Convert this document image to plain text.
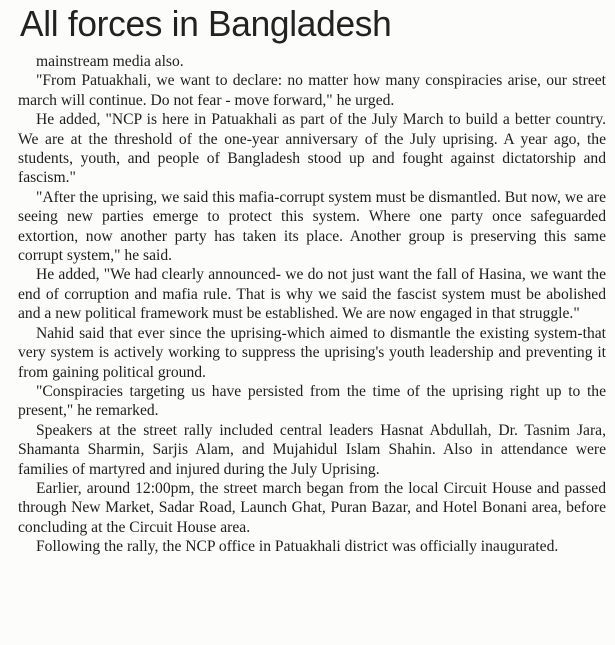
All forces in Bangladesh

mainstream media also.

"From Patuakhali, we want to declare: no matter how many conspiracies arise, our street march will continue. Do not fear - move forward," he urged.

He added, "NCP is here in Patuakhali as part of the July March to build a better country. We are at the threshold of the one-year anniversary of the July uprising. A year ago, the students, youth, and people of Bangladesh stood up and fought against dictatorship and fascism."

"After the uprising, we said this mafia-corrupt system must be dismantled. But now, we are seeing new parties emerge to protect this system. Where one party once safeguarded extortion, now another party has taken its place. Another group is preserving this same corrupt system," he said.

He added, "We had clearly announced- we do not just want the fall of Hasina, we want the end of corruption and mafia rule. That is why we said the fascist system must be abolished and a new political framework must be established. We are now engaged in that struggle."

Nahid said that ever since the uprising-which aimed to dismantle the existing system-that very system is actively working to suppress the uprising's youth leadership and preventing it from gaining political ground.

"Conspiracies targeting us have persisted from the time of the uprising right up to the present," he remarked.

Speakers at the street rally included central leaders Hasnat Abdullah, Dr. Tasnim Jara, Shamanta Sharmin, Sarjis Alam, and Mujahidul Islam Shahin. Also in attendance were families of martyred and injured during the July Uprising.

Earlier, around 12:00pm, the street march began from the local Circuit House and passed through New Market, Sadar Road, Launch Ghat, Puran Bazar, and Hotel Bonani area, before concluding at the Circuit House area.

Following the rally, the NCP office in Patuakhali district was officially inaugurated.
